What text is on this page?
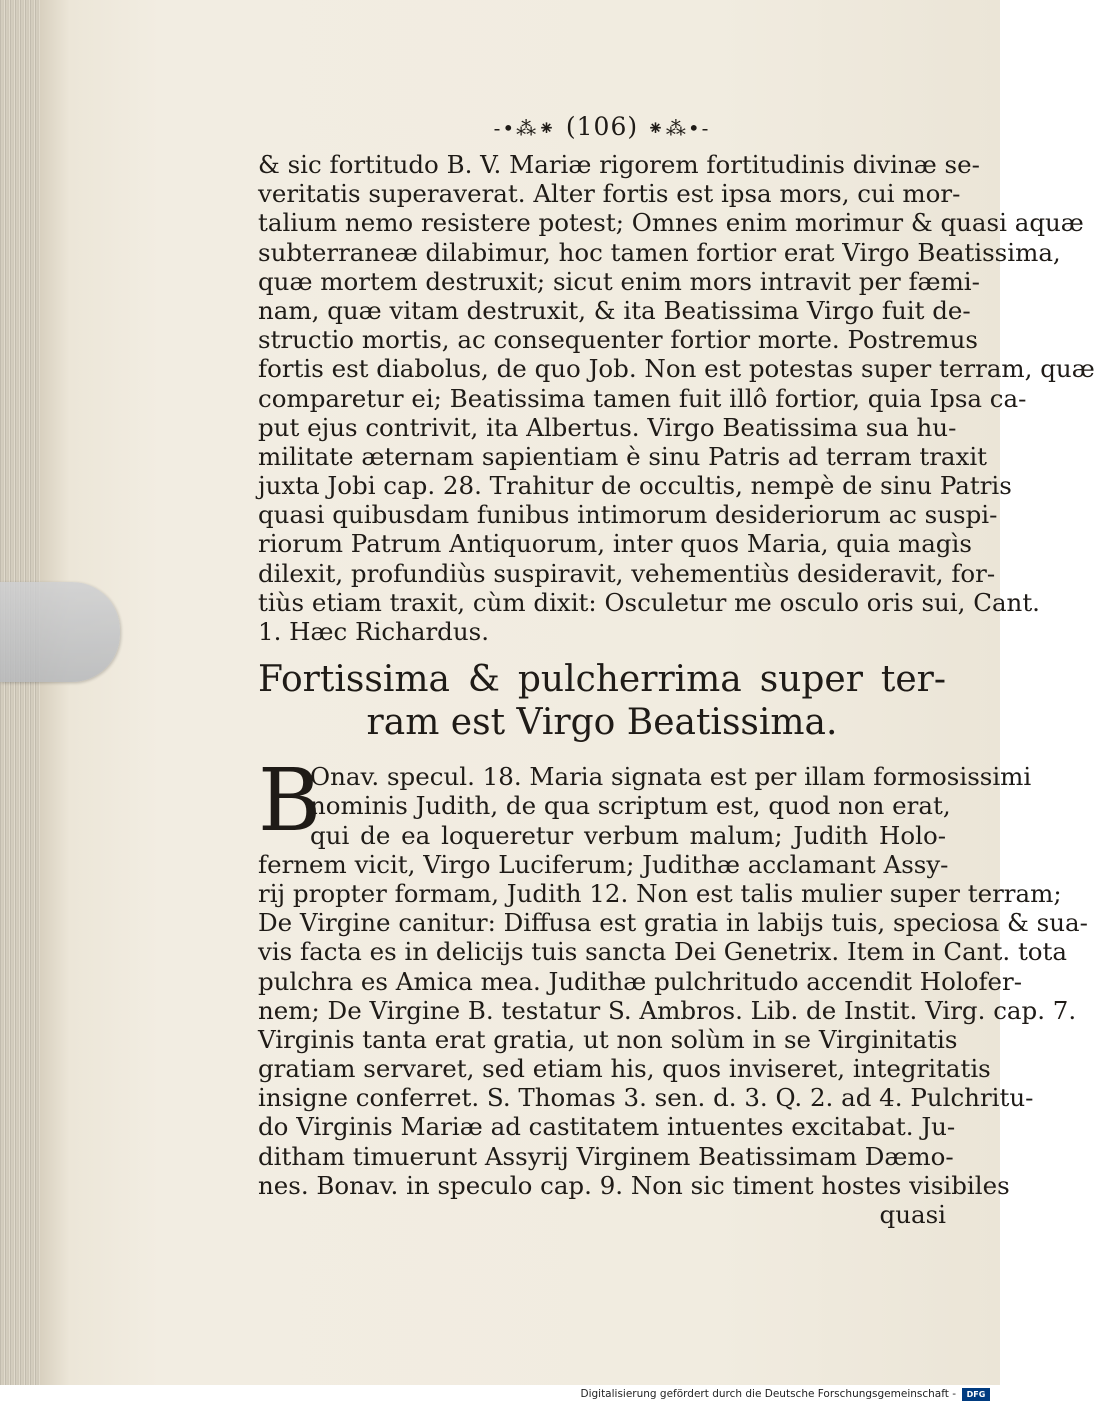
-•⁂⁕ (106) ⁕⁂•-
& sic fortitudo B. V. Mariæ rigorem fortitudinis divinæ se-
veritatis superaverat. Alter fortis est ipsa mors, cui mor-
talium nemo resistere potest; Omnes enim morimur & quasi aquæ
subterraneæ dilabimur, hoc tamen fortior erat Virgo Beatissima,
quæ mortem destruxit; sicut enim mors intravit per fæmi-
nam, quæ vitam destruxit, & ita Beatissima Virgo fuit de-
structio mortis, ac consequenter fortior morte. Postremus
fortis est diabolus, de quo Job. Non est potestas super terram, quæ
comparetur ei; Beatissima tamen fuit illô fortior, quia Ipsa ca-
put ejus contrivit, ita Albertus. Virgo Beatissima sua hu-
militate æternam sapientiam è sinu Patris ad terram traxit
juxta Jobi cap. 28. Trahitur de occultis, nempè de sinu Patris
quasi quibusdam funibus intimorum desideriorum ac suspi-
riorum Patrum Antiquorum, inter quos Maria, quia magìs
dilexit, profundiùs suspiravit, vehementiùs desideravit, for-
tiùs etiam traxit, cùm dixit: Osculetur me osculo oris sui, Cant.
1. Hæc Richardus.
Fortissima & pulcherrima super ter-
ram est Virgo Beatissima.
B
Onav. specul. 18. Maria signata est per illam formosissimi
nominis Judith, de qua scriptum est, quod non erat,
qui de ea loqueretur verbum malum; Judith Holo-
fernem vicit, Virgo Luciferum; Judithæ acclamant Assy-
rij propter formam, Judith 12. Non est talis mulier super terram;
De Virgine canitur: Diffusa est gratia in labijs tuis, speciosa & sua-
vis facta es in delicijs tuis sancta Dei Genetrix. Item in Cant. tota
pulchra es Amica mea. Judithæ pulchritudo accendit Holofer-
nem; De Virgine B. testatur S. Ambros. Lib. de Instit. Virg. cap. 7.
Virginis tanta erat gratia, ut non solùm in se Virginitatis
gratiam servaret, sed etiam his, quos inviseret, integritatis
insigne conferret. S. Thomas 3. sen. d. 3. Q. 2. ad 4. Pulchritu-
do Virginis Mariæ ad castitatem intuentes excitabat. Ju-
ditham timuerunt Assyrij Virginem Beatissimam Dæmo-
nes. Bonav. in speculo cap. 9. Non sic timent hostes visibiles
quasi
Digitalisierung gefördert durch die Deutsche Forschungsgemeinschaft -	DFG
